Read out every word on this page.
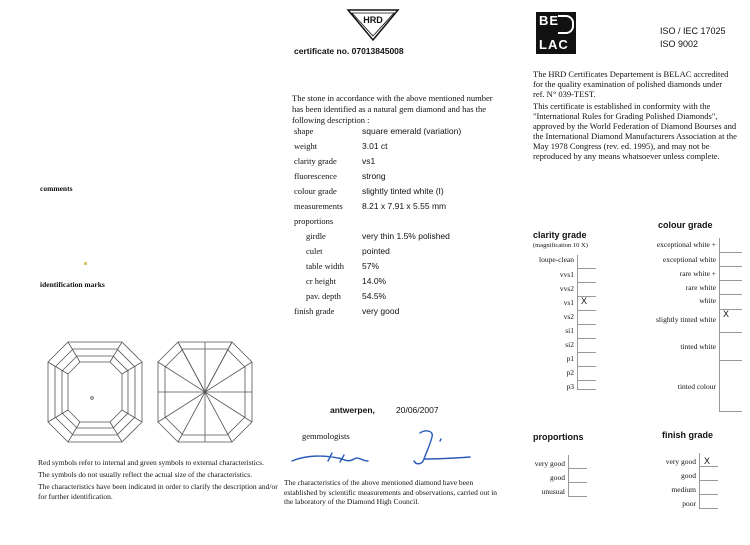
comments
identification marks
Red symbols refer to internal and green symbols to external characteristics.
The symbols do not usually reflect the actual size of the characteristics.
The characteristics have been indicated in order to clarify the description and/or for further identification.
HRD
certificate no. 07013845008
The stone in accordance with the above mentioned number has been identified as a natural gem diamond and has the following description :
shape	square emerald (variation)
weight	3.01 ct
clarity grade	vs1
fluorescence	strong
colour grade	slightly tinted white (I)
measurements 8.21 x 7.91 x 5.55 mm
proportions
girdle	very thin 1.5% polished
culet	pointed
table width 57%
cr height	14.0%
pav. depth 54.5%
finish grade	very good
antwerpen, 20/06/2007
gemmologists
The characteristics of the above mentioned diamond have been established by scientific measurements and observations, carried out in the laboratory of the Diamond High Council.
BE
LAC
ISO / IEC 17025
ISO 9002
The HRD Certificates Departement is BELAC accredited for the quality examination of polished diamonds under ref. N° 039-TEST.
This certificate is established in conformity with the "International Rules for Grading Polished Diamonds", approved by the World Federation of Diamond Bourses and the International Diamond Manufacturers Association at the May 1978 Congress (rev. ed. 1995), and may not be reproduced by any means whatsoever unless complete.
clarity grade
(magnification 10 X)
loupe-clean
vvs1
vvs2
vs1
vs2
si1
si2
p1
p2
p3
X
colour grade
exceptional white +
exceptional white
rare white +
rare white
white
slightly tinted white
tinted white
tinted colour
X
proportions
very good
good
unusual
finish grade
very good
good
medium
poor
X
